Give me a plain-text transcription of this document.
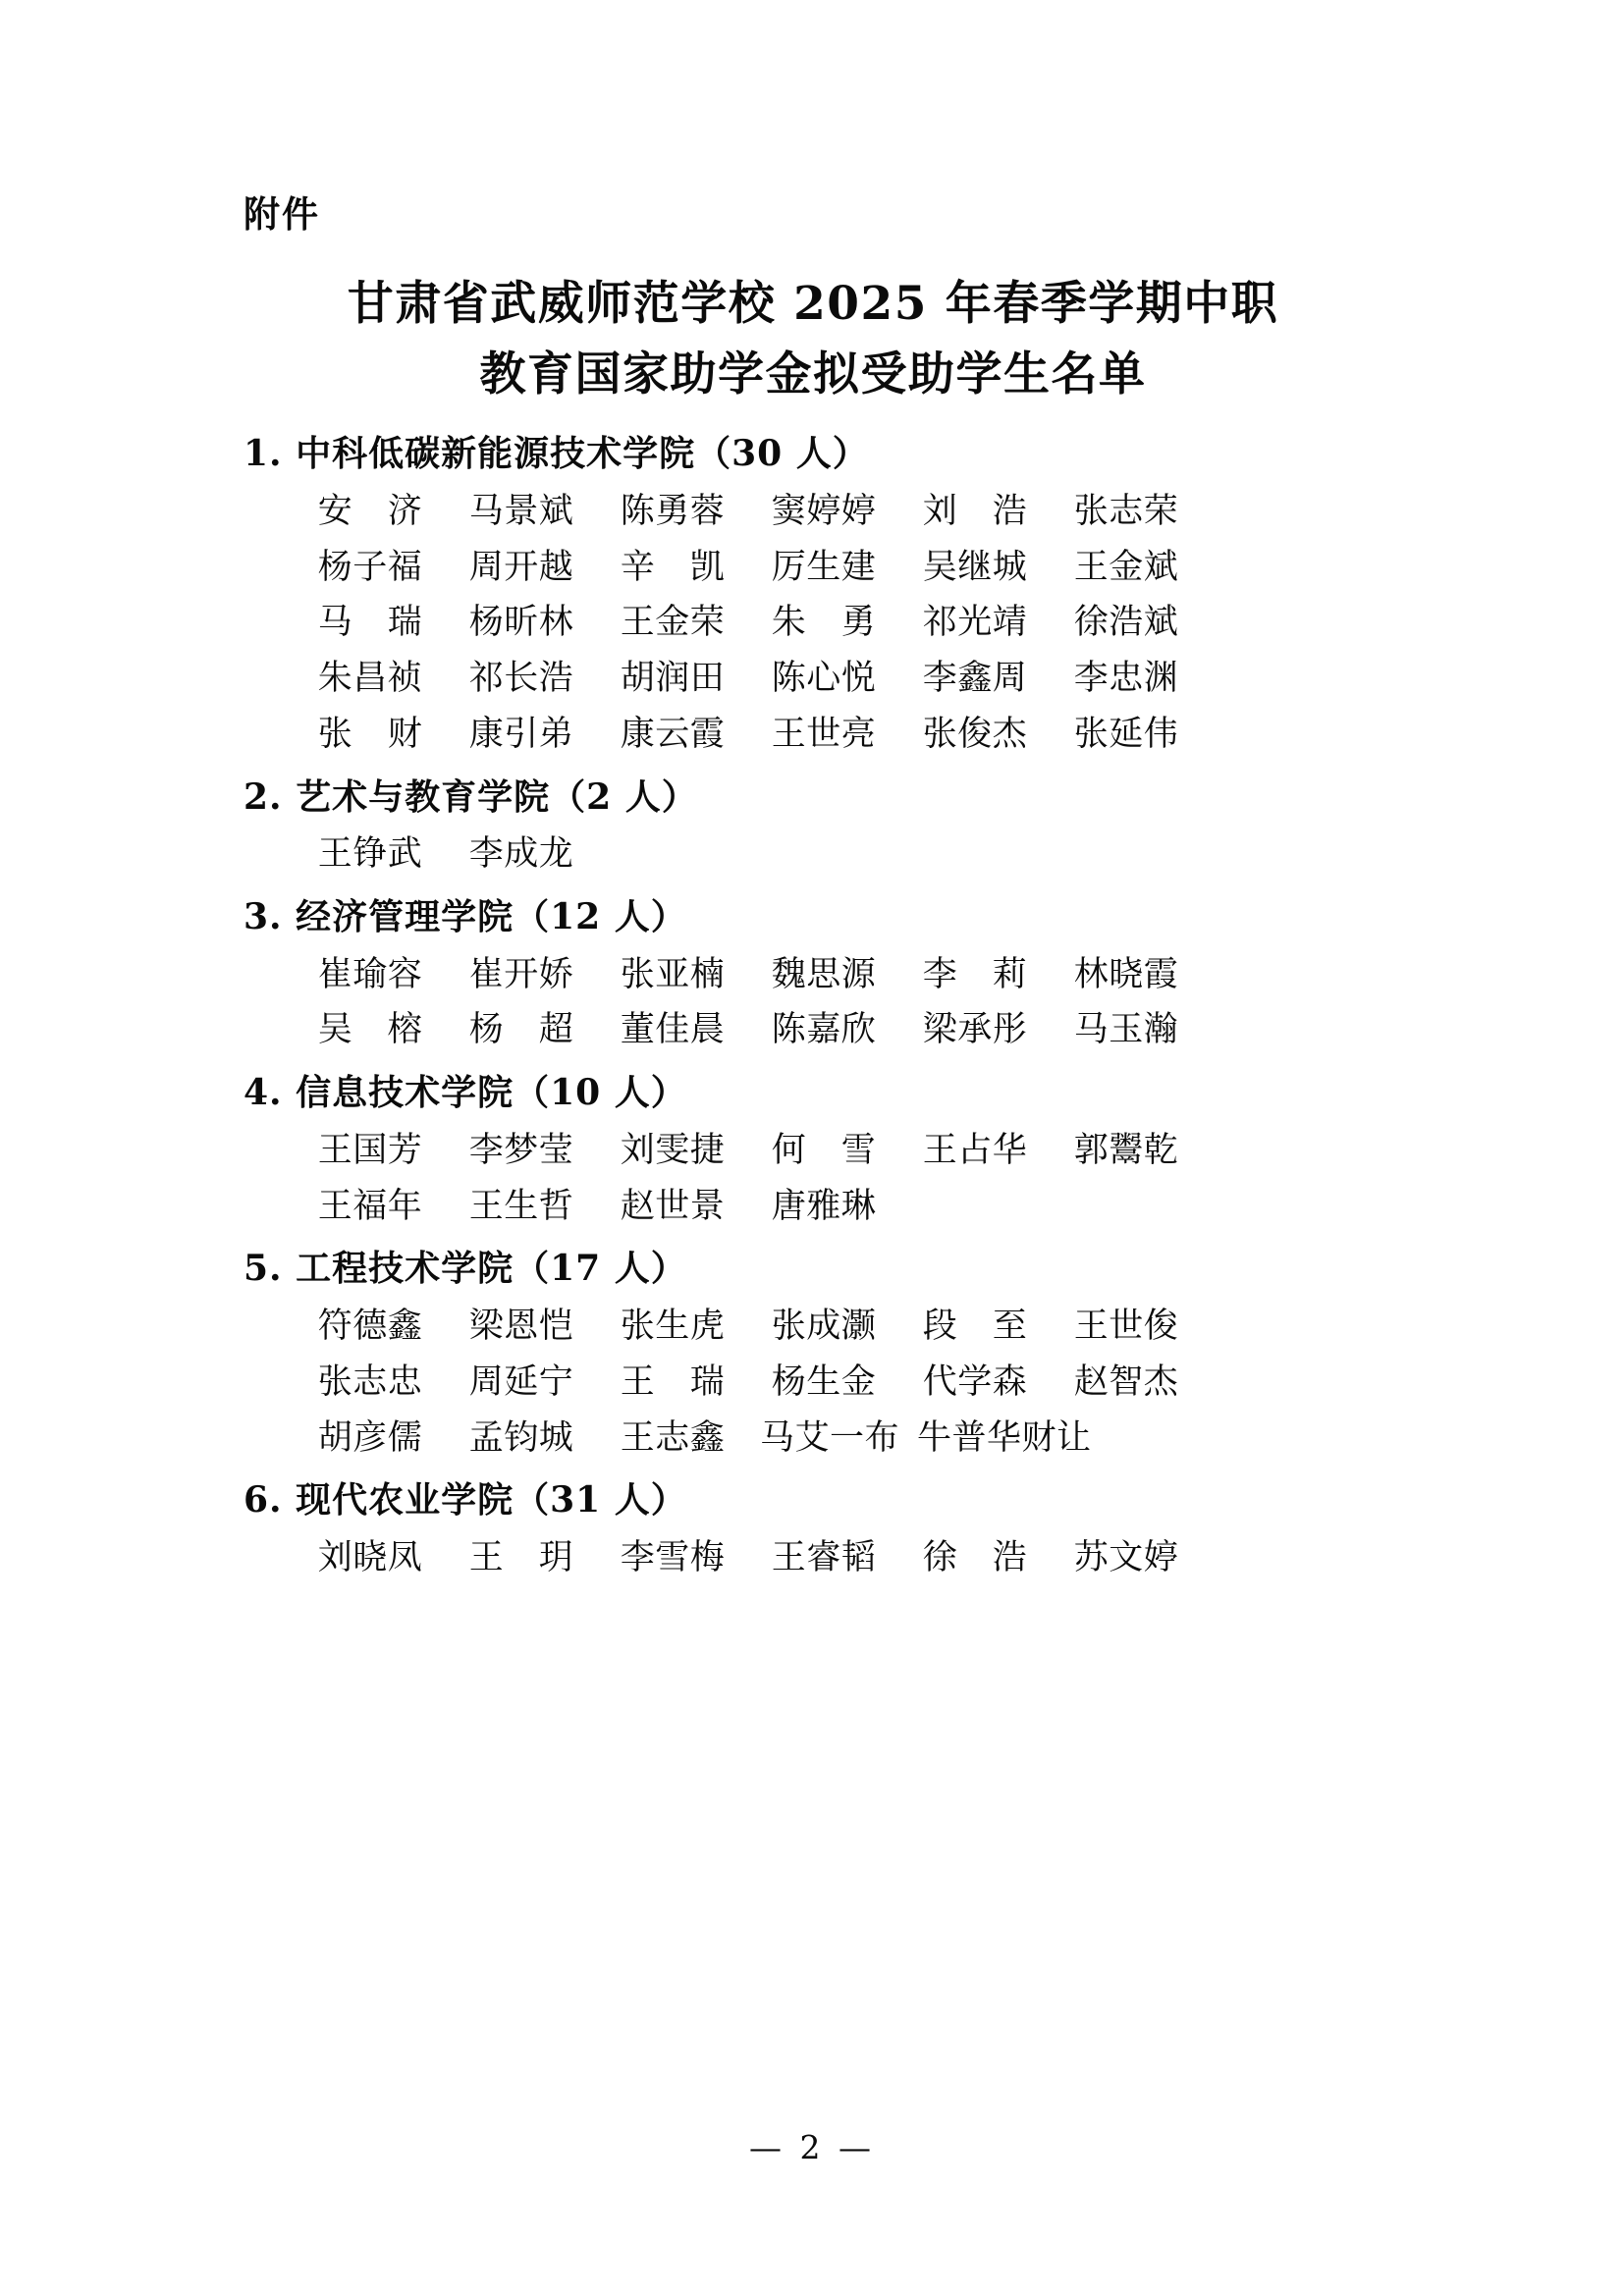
附件
甘肃省武威师范学校 2025 年春季学期中职
教育国家助学金拟受助学生名单
1. 中科低碳新能源技术学院（30 人）
安　济 马景斌 陈勇蓉 窦婷婷 刘　浩 张志荣
杨子福 周开越 辛　凯 厉生建 吴继城 王金斌
马　瑞 杨昕林 王金荣 朱　勇 祁光靖 徐浩斌
朱昌祯 祁长浩 胡润田 陈心悦 李鑫周 李忠渊
张　财 康引弟 康云霞 王世亮 张俊杰 张延伟
2. 艺术与教育学院（2 人）
王铮武 李成龙
3. 经济管理学院（12 人）
崔瑜容 崔开娇 张亚楠 魏思源 李　莉 林晓霞
吴　榕 杨　超 董佳晨 陈嘉欣 梁承彤 马玉瀚
4. 信息技术学院（10 人）
王国芳 李梦莹 刘雯捷 何　雪 王占华 郭鬻乾
王福年 王生哲 赵世景 唐雅琳
5. 工程技术学院（17 人）
符德鑫 梁恩恺 张生虎 张成灏 段　至 王世俊
张志忠 周延宁 王　瑞 杨生金 代学森 赵智杰
胡彦儒 孟钧城 王志鑫 马艾一布 牛普华财让
6. 现代农业学院（31 人）
刘晓凤 王　玥 李雪梅 王睿韬 徐　浩 苏文婷
— 2 —
